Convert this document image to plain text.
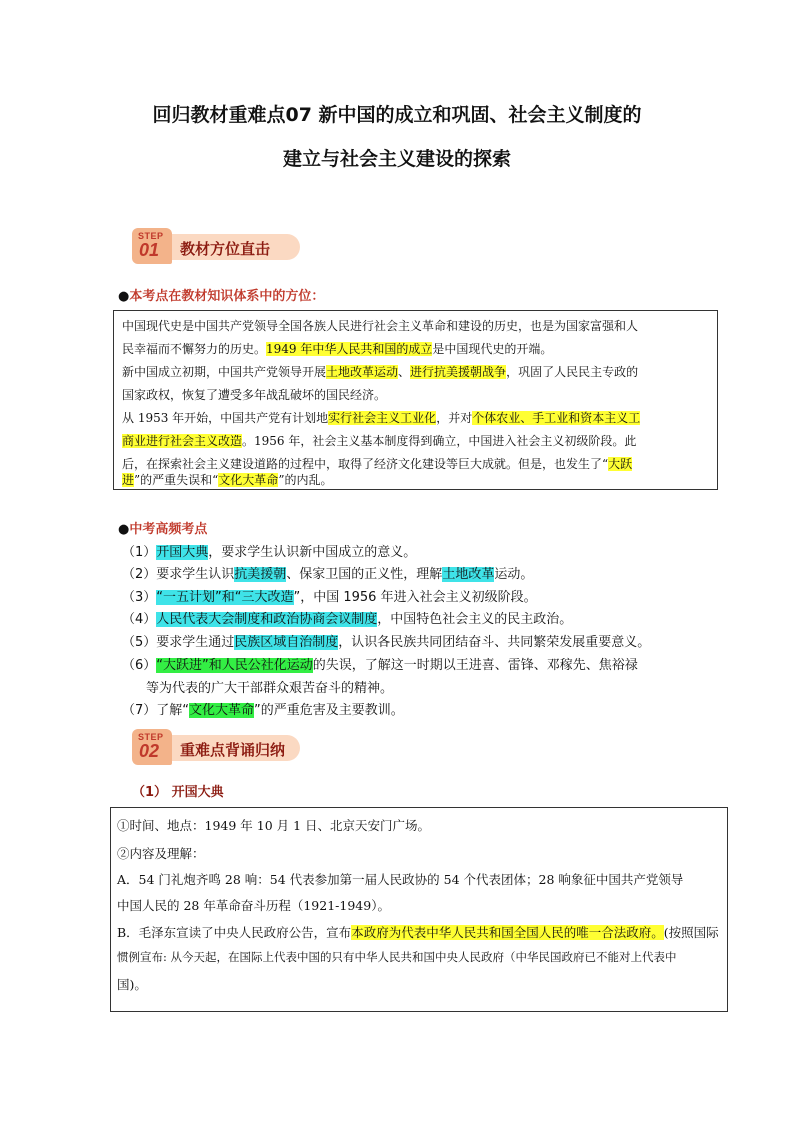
回归教材重难点07 新中国的成立和巩固、社会主义制度的
建立与社会主义建设的探索
教材方位直击
STEP
01
●本考点在教材知识体系中的方位：

中国现代史是中国共产党领导全国各族人民进行社会主义革命和建设的历史，也是为国家富强和人

民幸福而不懈努力的历史。1949 年中华人民共和国的成立是中国现代史的开端。

新中国成立初期，中国共产党领导开展土地改革运动、进行抗美援朝战争，巩固了人民民主专政的

国家政权，恢复了遭受多年战乱破坏的国民经济。

从 1953 年开始，中国共产党有计划地实行社会主义工业化，并对个体农业、手工业和资本主义工

商业进行社会主义改造。1956 年，社会主义基本制度得到确立，中国进入社会主义初级阶段。此

后，在探索社会主义建设道路的过程中，取得了经济文化建设等巨大成就。但是，也发生了“大跃

进”的严重失误和“文化大革命”的内乱。

●中考高频考点
（1）开国大典，要求学生认识新中国成立的意义。
（2）要求学生认识抗美援朝、保家卫国的正义性，理解土地改革运动。
（3）“一五计划”和“三大改造”，中国 1956 年进入社会主义初级阶段。
（4）人民代表大会制度和政治协商会议制度，中国特色社会主义的民主政治。
（5）要求学生通过民族区域自治制度，认识各民族共同团结奋斗、共同繁荣发展重要意义。
（6）“大跃进”和人民公社化运动的失误，了解这一时期以王进喜、雷锋、邓稼先、焦裕禄
等为代表的广大干部群众艰苦奋斗的精神。
（7）了解“文化大革命”的严重危害及主要教训。
重难点背诵归纳
STEP
02
（1） 开国大典

①时间、地点：1949 年 10 月 1 日、北京天安门广场。

②内容及理解：

A．54 门礼炮齐鸣 28 响：54 代表参加第一届人民政协的 54 个代表团体；28 响象征中国共产党领导

中国人民的 28 年革命奋斗历程（1921-1949）。

B．毛泽东宣读了中央人民政府公告，宣布本政府为代表中华人民共和国全国人民的唯一合法政府。(按照国际

惯例宣布: 从今天起，在国际上代表中国的只有中华人民共和国中央人民政府（中华民国政府已不能对上代表中

国)。
